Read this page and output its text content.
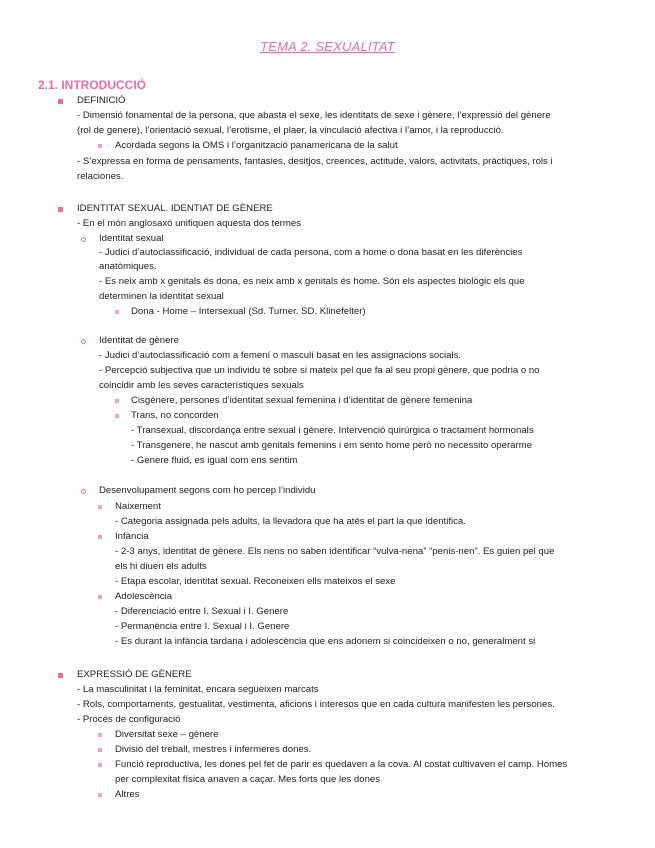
TEMA 2. SEXUALITAT
2.1. INTRODUCCIÓ
DEFINICIÓ
- Dimensió fonamental de la persona, que abasta el sexe, les identitats de sexe i gènere, l’expressió del gènere
(rol de genere), l’orientació sexual, l’erotisme, el plaer, la vinculació afectiva i l’amor, i la reproducció.
Acordada segons la OMS i l’organització panamericana de la salut
- S’expressa en forma de pensaments, fantasies, desitjos, creences, actitude, valors, activitats, pràctiques, rols i
relaciones.
IDENTITAT SEXUAL. IDENTIAT DE GÈNERE
- En el món anglosaxó unifiquen aquesta dos termes
Identitat sexual
- Judici d’autoclassificació, individual de cada persona, com a home o dona basat en les diferències
anatòmiques.
- Es neix amb x genitals és dona, es neix amb x genitals és home. Són els aspectes biològic els que
determinen la identitat sexual
Dona - Home – Intersexual (Sd. Turner. SD. Klinefelter)
Identitat de gènere
- Judici d’autoclassificació com a femení o masculí basat en les assignacions socials.
- Percepció subjectiva que un individu té sobre si mateix pel que fa al seu propi gènere, que podria o no
coincidir amb les seves característiques sexuals
Cisgènere, persones d’identitat sexual femenina i d’identitat de gènere femenina
Trans, no concorden
- Transexual, discordança entre sexual i gènere. Intervenció quirúrgica o tractament hormonals
- Transgenere, he nascut amb genitals femenins i em sento home però no necessito operarme
- Genere fluid, es igual com ens sentim
Desenvolupament segons com ho percep l’individu
Naixement
- Categoria assignada pels adults, la llevadora que ha atès el part la que identifica.
Infància
- 2-3 anys, identitat de gènere. Els nens no saben identificar “vulva-nena” “penis-nen”. Es guien pel que
els hi diuen els adults
- Etapa escolar, identitat sexual. Reconeixen ells mateixos el sexe
Adolescència
- Diferenciació entre I. Sexual i I. Genere
- Permanència entre I. Sexual i I. Genere
- Es durant la infància tardana i adolescència que ens adonem si coincideixen o no, generalment si
EXPRESSIÓ DE GÈNERE
- La masculinitat i la feminitat, encara segueixen marcats
- Rols, comportaments, gestualitat, vestimenta, aficions i interesos que en cada cultura manifesten les persones.
- Procés de configuració
Diversitat sexe – gènere
Divisió del treball, mestres i infermeres dones.
Funció reproductiva, les dones pel fet de parir es quedaven a la cova. Al costat cultivaven el camp. Homes
per complexitat física anaven a caçar. Mes forts que les dones
Altres
